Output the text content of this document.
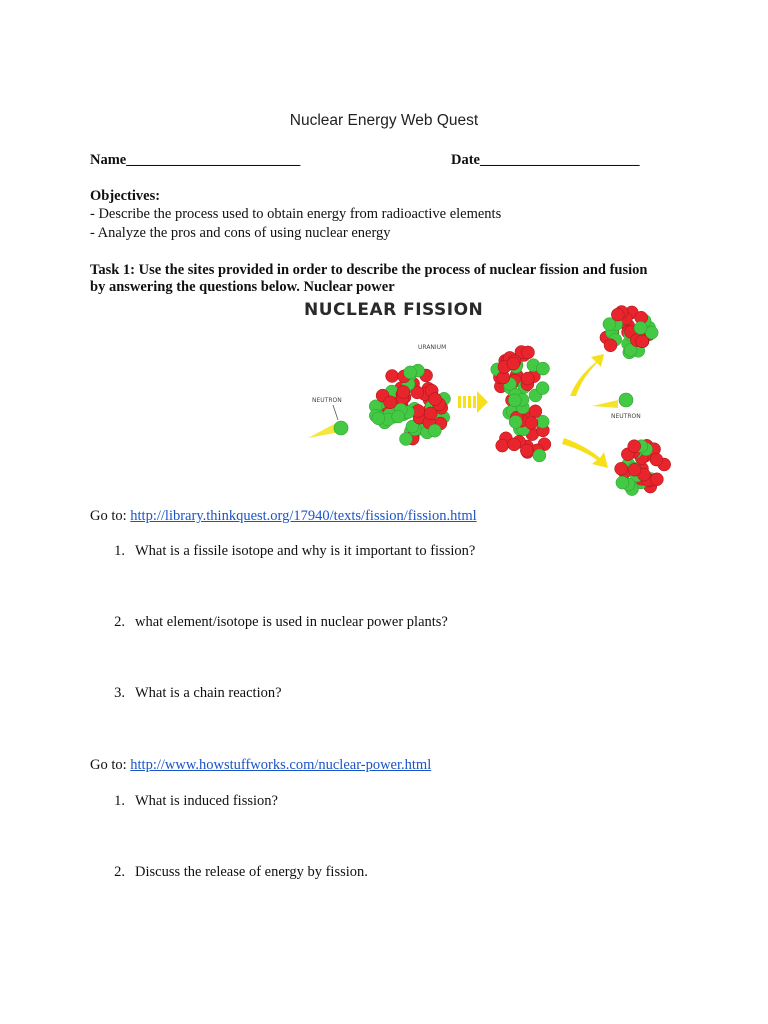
Nuclear Energy Web Quest
Name________________________	Date______________________
Objectives:
- Describe the process used to obtain energy from radioactive elements
- Analyze the pros and cons of using nuclear energy
Task 1: Use the sites provided in order to describe the process of nuclear fission and fusion
by answering the questions below. Nuclear power
NUCLEAR FISSION
URANIUM
NEUTRON
NEUTRON
Go to: http://library.thinkquest.org/17940/texts/fission/fission.html
1. What is a fissile isotope and why is it important to fission?
2. what element/isotope is used in nuclear power plants?
3. What is a chain reaction?
Go to: http://www.howstuffworks.com/nuclear-power.html
1. What is induced fission?
2. Discuss the release of energy by fission.
